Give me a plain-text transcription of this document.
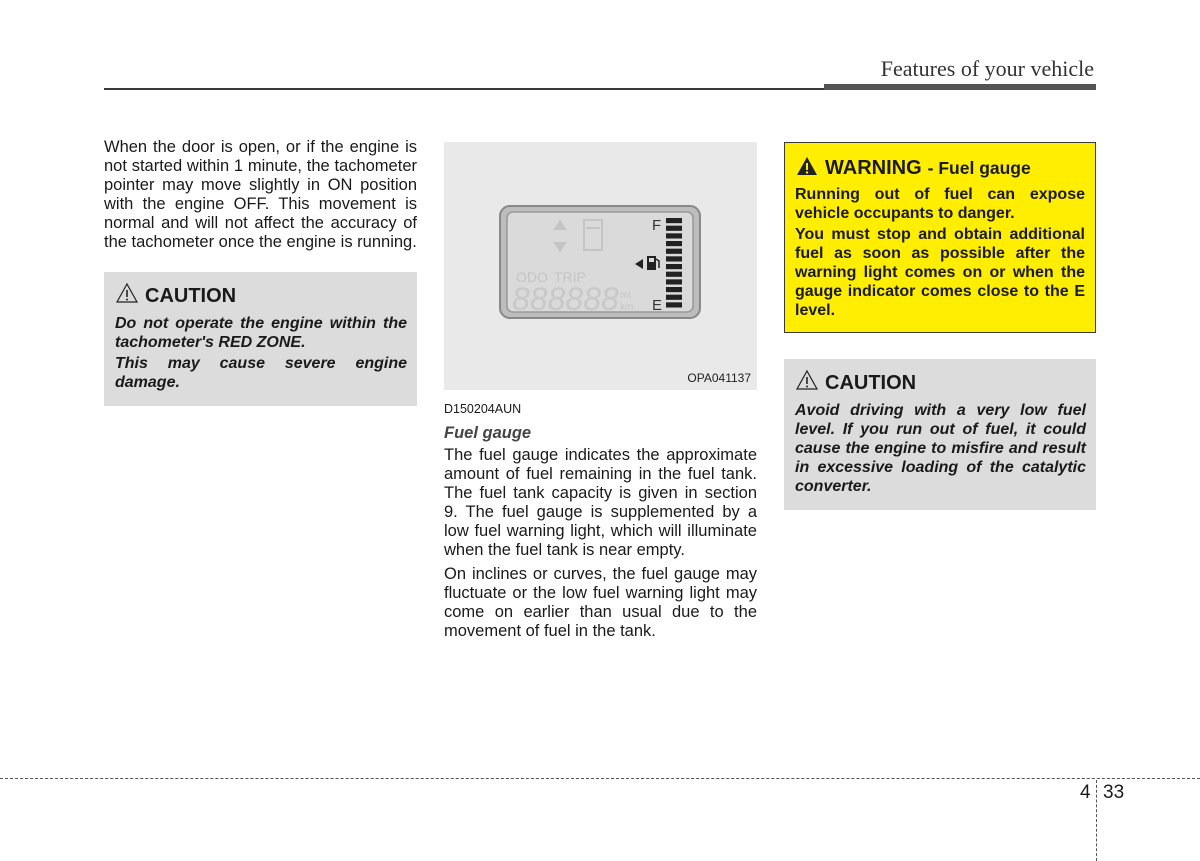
Features of your vehicle

When the door is open, or if the engine is not started within 1 minute, the tachometer pointer may move slightly in ON position with the engine OFF. This movement is normal and will not affect the accuracy of the tachometer once the engine is running.

CAUTION

Do not operate the engine within the tachometer's RED ZONE.

This may cause severe engine damage.

ODO TRIP
888888 mi
km
F
E
OPA041137
D150204AUN
Fuel gauge

The fuel gauge indicates the approximate amount of fuel remaining in the fuel tank. The fuel tank capacity is given in section 9. The fuel gauge is supplemented by a low fuel warning light, which will illuminate when the fuel tank is near empty.

On inclines or curves, the fuel gauge may fluctuate or the low fuel warning light may come on earlier than usual due to the movement of fuel in the tank.

WARNING - Fuel gauge

Running out of fuel can expose vehicle occupants to danger.

You must stop and obtain additional fuel as soon as possible after the warning light comes on or when the gauge indicator comes close to the E level.

CAUTION

Avoid driving with a very low fuel level. If you run out of fuel, it could cause the engine to misfire and result in excessive loading of the catalytic converter.

4 33
